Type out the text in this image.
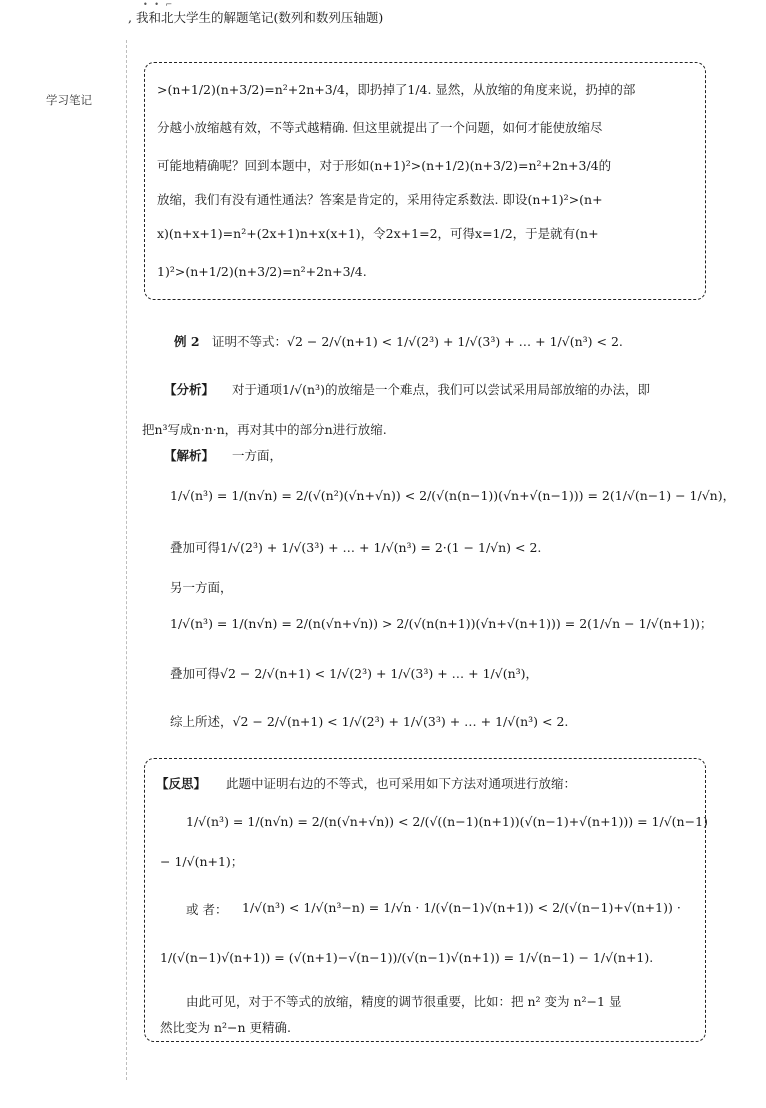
• • ⌐
, 我和北大学生的解题笔记(数列和数列压轴题)
学习笔记
>(n+1/2)(n+3/2)=n²+2n+3/4，即扔掉了1/4. 显然，从放缩的角度来说，扔掉的部
分越小放缩越有效，不等式越精确. 但这里就提出了一个问题，如何才能使放缩尽
可能地精确呢？回到本题中，对于形如(n+1)²>(n+1/2)(n+3/2)=n²+2n+3/4的
放缩，我们有没有通性通法？答案是肯定的，采用待定系数法. 即设(n+1)²>(n+
x)(n+x+1)=n²+(2x+1)n+x(x+1)，令2x+1=2，可得x=1/2，于是就有(n+
1)²>(n+1/2)(n+3/2)=n²+2n+3/4.
例 2 证明不等式：√2 − 2/√(n+1) < 1/√(2³) + 1/√(3³) + … + 1/√(n³) < 2.
【分析】 对于通项1/√(n³)的放缩是一个难点，我们可以尝试采用局部放缩的办法，即
把n³写成n·n·n，再对其中的部分n进行放缩.
【解析】 一方面，
1/√(n³) = 1/(n√n) = 2/(√(n²)(√n+√n)) < 2/(√(n(n−1))(√n+√(n−1))) = 2(1/√(n−1) − 1/√n)，
叠加可得1/√(2³) + 1/√(3³) + … + 1/√(n³) = 2·(1 − 1/√n) < 2.
另一方面，
1/√(n³) = 1/(n√n) = 2/(n(√n+√n)) > 2/(√(n(n+1))(√n+√(n+1))) = 2(1/√n − 1/√(n+1))；
叠加可得√2 − 2/√(n+1) < 1/√(2³) + 1/√(3³) + … + 1/√(n³)，
综上所述，√2 − 2/√(n+1) < 1/√(2³) + 1/√(3³) + … + 1/√(n³) < 2.
【反思】 此题中证明右边的不等式，也可采用如下方法对通项进行放缩：
1/√(n³) = 1/(n√n) = 2/(n(√n+√n)) < 2/(√((n−1)(n+1))(√(n−1)+√(n+1))) = 1/√(n−1)
− 1/√(n+1)；
或 者： 1/√(n³) < 1/√(n³−n) = 1/√n · 1/(√(n−1)√(n+1)) < 2/(√(n−1)+√(n+1)) ·
1/(√(n−1)√(n+1)) = (√(n+1)−√(n−1))/(√(n−1)√(n+1)) = 1/√(n−1) − 1/√(n+1).
由此可见，对于不等式的放缩，精度的调节很重要，比如：把 n² 变为 n²−1 显
然比变为 n²−n 更精确.
